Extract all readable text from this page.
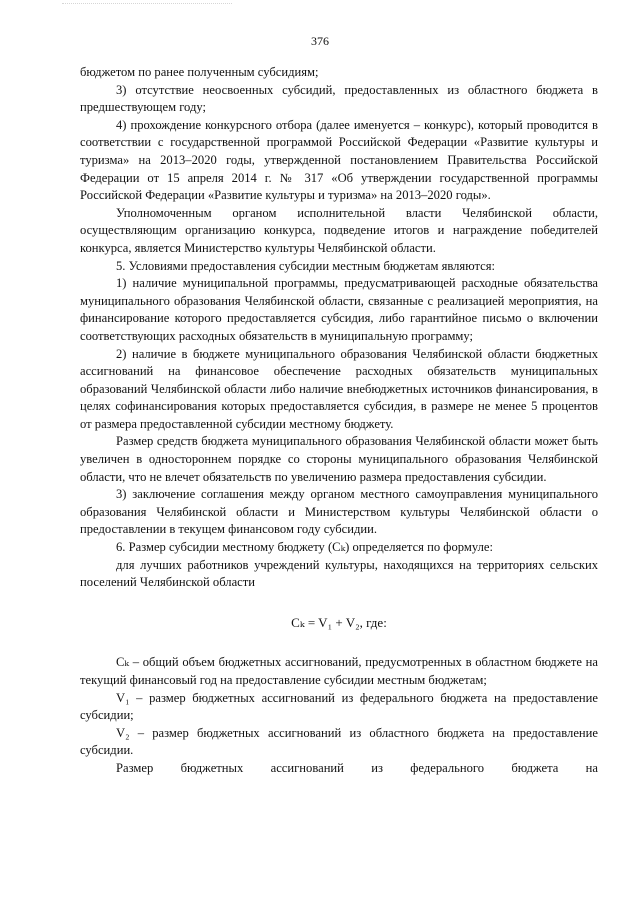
376

бюджетом по ранее полученным субсидиям;

3) отсутствие неосвоенных субсидий, предоставленных из областного бюджета в предшествующем году;

4) прохождение конкурсного отбора (далее именуется – конкурс), который проводится в соответствии с государственной программой Российской Федерации «Развитие культуры и туризма» на 2013–2020 годы, утвержденной постановлением Правительства Российской Федерации от 15 апреля 2014 г. № 317 «Об утверждении государственной программы Российской Федерации «Развитие культуры и туризма» на 2013–2020 годы».

Уполномоченным органом исполнительной власти Челябинской области, осуществляющим организацию конкурса, подведение итогов и награждение победителей конкурса, является Министерство культуры Челябинской области.

5. Условиями предоставления субсидии местным бюджетам являются:

1) наличие муниципальной программы, предусматривающей расходные обязательства муниципального образования Челябинской области, связанные с реализацией мероприятия, на финансирование которого предоставляется субсидия, либо гарантийное письмо о включении соответствующих расходных обязательств в муниципальную программу;

2) наличие в бюджете муниципального образования Челябинской области бюджетных ассигнований на финансовое обеспечение расходных обязательств муниципальных образований Челябинской области либо наличие внебюджетных источников финансирования, в целях софинансирования которых предоставляется субсидия, в размере не менее 5 процентов от размера предоставленной субсидии местному бюджету.

Размер средств бюджета муниципального образования Челябинской области может быть увеличен в одностороннем порядке со стороны муниципального образования Челябинской области, что не влечет обязательств по увеличению размера предоставления субсидии.

3) заключение соглашения между органом местного самоуправления муниципального образования Челябинской области и Министерством культуры Челябинской области о предоставлении в текущем финансовом году субсидии.

6. Размер субсидии местному бюджету (Cₖ) определяется по формуле:

для лучших работников учреждений культуры, находящихся на территориях сельских поселений Челябинской области

Cₖ = V₁ + V₂, где:

Cₖ – общий объем бюджетных ассигнований, предусмотренных в областном бюджете на текущий финансовый год на предоставление субсидии местным бюджетам;

V₁ – размер бюджетных ассигнований из федерального бюджета на предоставление субсидии;

V₂ – размер бюджетных ассигнований из областного бюджета на предоставление субсидии.

Размер бюджетных ассигнований из федерального бюджета на
